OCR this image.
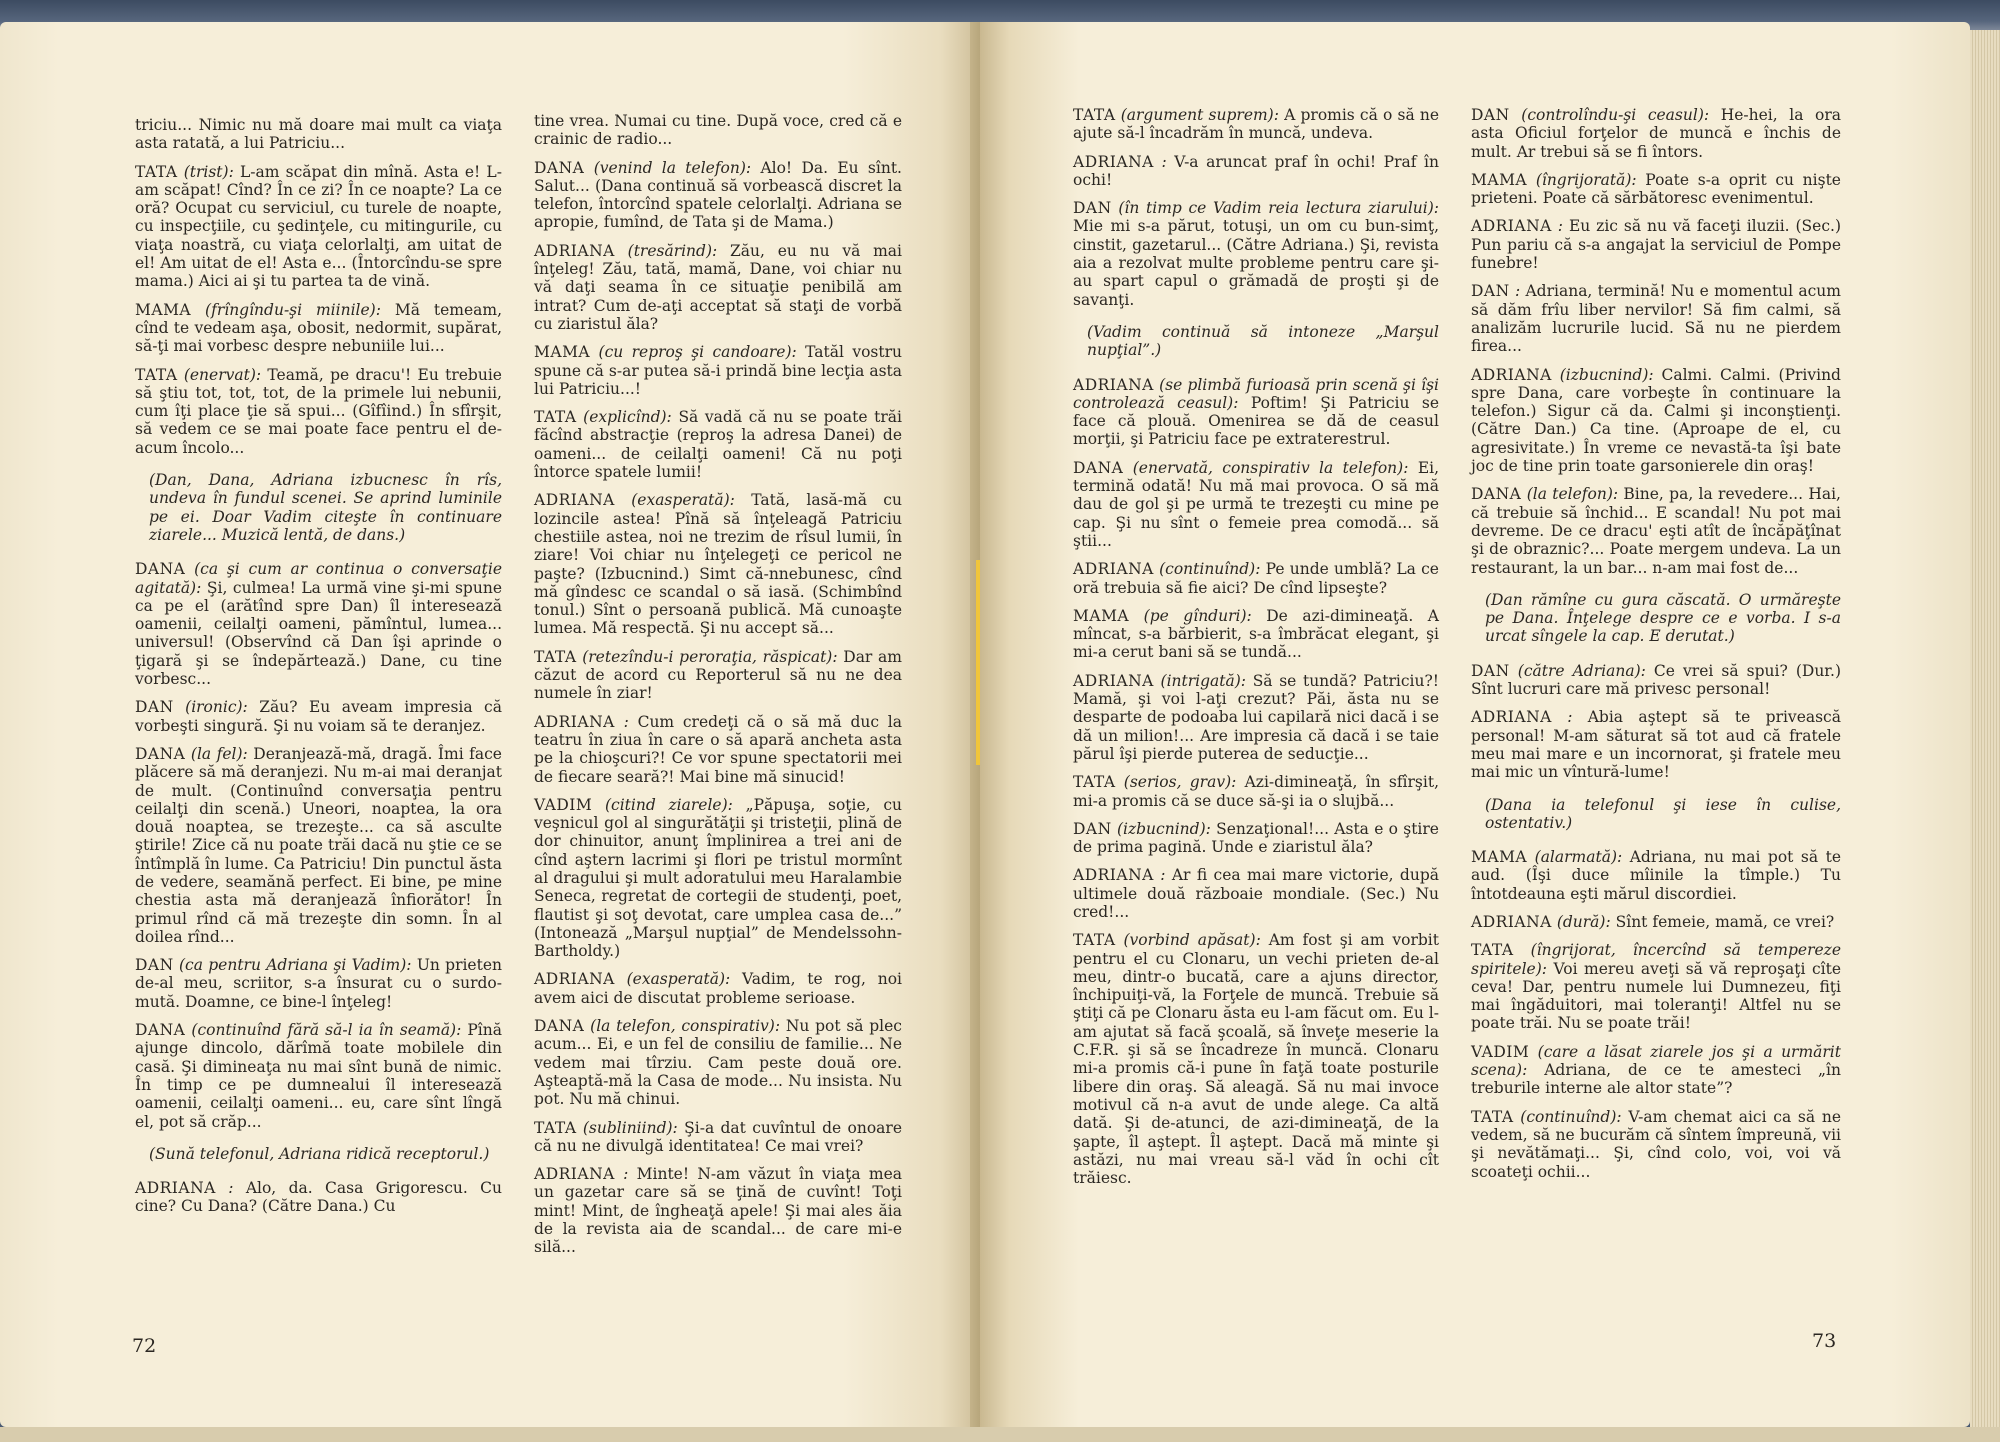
triciu... Nimic nu mă doare mai mult ca viaţa asta ratată, a lui Patriciu...

TATA (trist): L-am scăpat din mînă. Asta e! L-am scăpat! Cînd? În ce zi? În ce noapte? La ce oră? Ocupat cu serviciul, cu turele de noapte, cu inspecţiile, cu şedinţele, cu mitingurile, cu viaţa noastră, cu viaţa celorlalţi, am uitat de el! Am uitat de el! Asta e... (Întorcîndu-se spre mama.) Aici ai şi tu partea ta de vină.

MAMA (frîngîndu-şi miinile): Mă temeam, cînd te vedeam aşa, obosit, nedormit, supărat, să-ţi mai vorbesc despre nebuniile lui...

TATA (enervat): Teamă, pe dracu'! Eu trebuie să ştiu tot, tot, tot, de la primele lui nebunii, cum îţi place ţie să spui... (Gîfîind.) În sfîrşit, să vedem ce se mai poate face pentru el de-acum încolo...

(Dan, Dana, Adriana izbucnesc în rîs, undeva în fundul scenei. Se aprind luminile pe ei. Doar Vadim citeşte în continuare ziarele... Muzică lentă, de dans.)

DANA (ca şi cum ar continua o conversaţie agitată): Şi, culmea! La urmă vine şi-mi spune ca pe el (arătînd spre Dan) îl interesează oamenii, ceilalţi oameni, pămîntul, lumea... universul! (Observînd că Dan îşi aprinde o ţigară şi se îndepărtează.) Dane, cu tine vorbesc...

DAN (ironic): Zău? Eu aveam impresia că vorbeşti singură. Şi nu voiam să te deranjez.

DANA (la fel): Deranjează-mă, dragă. Îmi face plăcere să mă deranjezi. Nu m-ai mai deranjat de mult. (Continuînd conversaţia pentru ceilalţi din scenă.) Uneori, noaptea, la ora două noaptea, se trezeşte... ca să asculte ştirile! Zice că nu poate trăi dacă nu ştie ce se întîmplă în lume. Ca Patriciu! Din punctul ăsta de vedere, seamănă perfect. Ei bine, pe mine chestia asta mă deranjează înfiorător! În primul rînd că mă trezeşte din somn. În al doilea rînd...

DAN (ca pentru Adriana şi Vadim): Un prieten de-al meu, scriitor, s-a însurat cu o surdo-mută. Doamne, ce bine-l înţeleg!

DANA (continuînd fără să-l ia în seamă): Pînă ajunge dincolo, dărîmă toate mobilele din casă. Şi dimineaţa nu mai sînt bună de nimic. În timp ce pe dumnealui îl interesează oamenii, ceilalţi oameni... eu, care sînt lîngă el, pot să crăp...

(Sună telefonul, Adriana ridică receptorul.)

ADRIANA : Alo, da. Casa Grigorescu. Cu cine? Cu Dana? (Către Dana.) Cu

tine vrea. Numai cu tine. După voce, cred că e crainic de radio...

DANA (venind la telefon): Alo! Da. Eu sînt. Salut... (Dana continuă să vorbească discret la telefon, întorcînd spatele celorlalţi. Adriana se apropie, fumînd, de Tata şi de Mama.)

ADRIANA (tresărind): Zău, eu nu vă mai înţeleg! Zău, tată, mamă, Dane, voi chiar nu vă daţi seama în ce situaţie penibilă am intrat? Cum de-aţi acceptat să staţi de vorbă cu ziaristul ăla?

MAMA (cu reproş şi candoare): Tatăl vostru spune că s-ar putea să-i prindă bine lecţia asta lui Patriciu...!

TATA (explicînd): Să vadă că nu se poate trăi făcînd abstracţie (reproş la adresa Danei) de oameni... de ceilalţi oameni! Că nu poţi întorce spatele lumii!

ADRIANA (exasperată): Tată, lasă-mă cu lozincile astea! Pînă să înţeleagă Patriciu chestiile astea, noi ne trezim de rîsul lumii, în ziare! Voi chiar nu înţelegeţi ce pericol ne paşte? (Izbucnind.) Simt că-nnebunesc, cînd mă gîndesc ce scandal o să iasă. (Schimbînd tonul.) Sînt o persoană publică. Mă cunoaşte lumea. Mă respectă. Şi nu accept să...

TATA (retezîndu-i peroraţia, răspicat): Dar am căzut de acord cu Reporterul să nu ne dea numele în ziar!

ADRIANA : Cum credeţi că o să mă duc la teatru în ziua în care o să apară ancheta asta pe la chioşcuri?! Ce vor spune spectatorii mei de fiecare seară?! Mai bine mă sinucid!

VADIM (citind ziarele): „Păpuşa, soţie, cu veşnicul gol al singurătăţii şi tristeţii, plină de dor chinuitor, anunţ împlinirea a trei ani de cînd aştern lacrimi şi flori pe tristul mormînt al dragului şi mult adoratului meu Haralambie Seneca, regretat de cortegii de studenţi, poet, flautist şi soţ devotat, care umplea casa de...” (Intonează „Marşul nupţial” de Mendelssohn-Bartholdy.)

ADRIANA (exasperată): Vadim, te rog, noi avem aici de discutat probleme serioase.

DANA (la telefon, conspirativ): Nu pot să plec acum... Ei, e un fel de consiliu de familie... Ne vedem mai tîrziu. Cam peste două ore. Aşteaptă-mă la Casa de mode... Nu insista. Nu pot. Nu mă chinui.

TATA (subliniind): Şi-a dat cuvîntul de onoare că nu ne divulgă identitatea! Ce mai vrei?

ADRIANA : Minte! N-am văzut în viaţa mea un gazetar care să se ţină de cuvînt! Toţi mint! Mint, de îngheaţă apele! Şi mai ales ăia de la revista aia de scandal... de care mi-e silă...

72

TATA (argument suprem): A promis că o să ne ajute să-l încadrăm în muncă, undeva.

ADRIANA : V-a aruncat praf în ochi! Praf în ochi!

DAN (în timp ce Vadim reia lectura ziarului): Mie mi s-a părut, totuşi, un om cu bun-simţ, cinstit, gazetarul... (Către Adriana.) Şi, revista aia a rezolvat multe probleme pentru care şi-au spart capul o grămadă de proşti şi de savanţi.

(Vadim continuă să intoneze „Marşul nupţial”.)

ADRIANA (se plimbă furioasă prin scenă şi îşi controlează ceasul): Poftim! Şi Patriciu se face că plouă. Omenirea se dă de ceasul morţii, şi Patriciu face pe extraterestrul.

DANA (enervată, conspirativ la telefon): Ei, termină odată! Nu mă mai provoca. O să mă dau de gol şi pe urmă te trezeşti cu mine pe cap. Şi nu sînt o femeie prea comodă... să ştii...

ADRIANA (continuînd): Pe unde umblă? La ce oră trebuia să fie aici? De cînd lipseşte?

MAMA (pe gînduri): De azi-dimineaţă. A mîncat, s-a bărbierit, s-a îmbrăcat elegant, şi mi-a cerut bani să se tundă...

ADRIANA (intrigată): Să se tundă? Patriciu?! Mamă, şi voi l-aţi crezut? Păi, ăsta nu se desparte de podoaba lui capilară nici dacă i se dă un milion!... Are impresia că dacă i se taie părul îşi pierde puterea de seducţie...

TATA (serios, grav): Azi-dimineaţă, în sfîrşit, mi-a promis că se duce să-şi ia o slujbă...

DAN (izbucnind): Senzaţional!... Asta e o ştire de prima pagină. Unde e ziaristul ăla?

ADRIANA : Ar fi cea mai mare victorie, după ultimele două războaie mondiale. (Sec.) Nu cred!...

TATA (vorbind apăsat): Am fost şi am vorbit pentru el cu Clonaru, un vechi prieten de-al meu, dintr-o bucată, care a ajuns director, închipuiţi-vă, la Forţele de muncă. Trebuie să ştiţi că pe Clonaru ăsta eu l-am făcut om. Eu l-am ajutat să facă şcoală, să înveţe meserie la C.F.R. şi să se încadreze în muncă. Clonaru mi-a promis că-i pune în faţă toate posturile libere din oraş. Să aleagă. Să nu mai invoce motivul că n-a avut de unde alege. Ca altă dată. Şi de-atunci, de azi-dimineaţă, de la şapte, îl aştept. Îl aştept. Dacă mă minte şi astăzi, nu mai vreau să-l văd în ochi cît trăiesc.

DAN (controlîndu-şi ceasul): He-hei, la ora asta Oficiul forţelor de muncă e închis de mult. Ar trebui să se fi întors.

MAMA (îngrijorată): Poate s-a oprit cu nişte prieteni. Poate că sărbătoresc evenimentul.

ADRIANA : Eu zic să nu vă faceţi iluzii. (Sec.) Pun pariu că s-a angajat la serviciul de Pompe funebre!

DAN : Adriana, termină! Nu e momentul acum să dăm frîu liber nervilor! Să fim calmi, să analizăm lucrurile lucid. Să nu ne pierdem firea...

ADRIANA (izbucnind): Calmi. Calmi. (Privind spre Dana, care vorbeşte în continuare la telefon.) Sigur că da. Calmi şi inconştienţi. (Către Dan.) Ca tine. (Aproape de el, cu agresivitate.) În vreme ce nevastă-ta îşi bate joc de tine prin toate garsonierele din oraş!

DANA (la telefon): Bine, pa, la revedere... Hai, că trebuie să închid... E scandal! Nu pot mai devreme. De ce dracu' eşti atît de încăpăţînat şi de obraznic?... Poate mergem undeva. La un restaurant, la un bar... n-am mai fost de...

(Dan rămîne cu gura căscată. O urmăreşte pe Dana. Înţelege despre ce e vorba. I s-a urcat sîngele la cap. E derutat.)

DAN (către Adriana): Ce vrei să spui? (Dur.) Sînt lucruri care mă privesc personal!

ADRIANA : Abia aştept să te privească personal! M-am săturat să tot aud că fratele meu mai mare e un incornorat, şi fratele meu mai mic un vîntură-lume!

(Dana ia telefonul şi iese în culise, ostentativ.)

MAMA (alarmată): Adriana, nu mai pot să te aud. (Îşi duce mîinile la tîmple.) Tu întotdeauna eşti mărul discordiei.

ADRIANA (dură): Sînt femeie, mamă, ce vrei?

TATA (îngrijorat, încercînd să tempereze spiritele): Voi mereu aveţi să vă reproşaţi cîte ceva! Dar, pentru numele lui Dumnezeu, fiţi mai îngăduitori, mai toleranţi! Altfel nu se poate trăi. Nu se poate trăi!

VADIM (care a lăsat ziarele jos şi a urmărit scena): Adriana, de ce te amesteci „în treburile interne ale altor state”?

TATA (continuînd): V-am chemat aici ca să ne vedem, să ne bucurăm că sîntem împreună, vii şi nevătămaţi... Şi, cînd colo, voi, voi vă scoateţi ochii...

73
